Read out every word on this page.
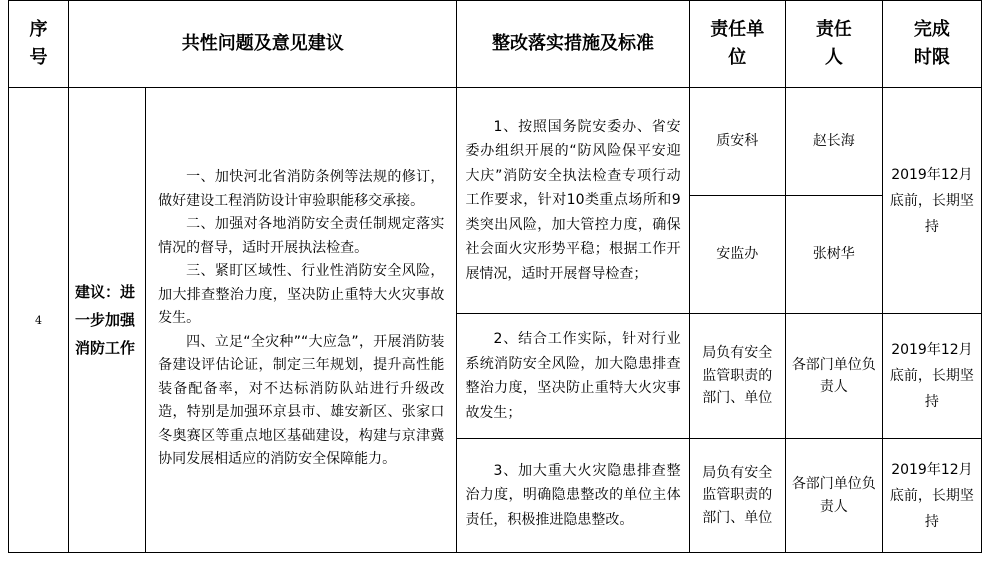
序号	共性问题及意见建议		整改落实措施及标准	责任单位	责任人	完成时限
4	建议：进一步加强消防工作	一、加快河北省消防条例等法规的修订，做好建设工程消防设计审验职能移交承接。

二、加强对各地消防安全责任制规定落实情况的督导，适时开展执法检查。

三、紧盯区域性、行业性消防安全风险，加大排查整治力度，坚决防止重特大火灾事故发生。

四、立足“全灾种”“大应急”，开展消防装备建设评估论证，制定三年规划，提升高性能装备配备率，对不达标消防队站进行升级改造，特别是加强环京县市、雄安新区、张家口冬奥赛区等重点地区基础建设，构建与京津冀协同发展相适应的消防安全保障能力。	1、按照国务院安委办、省安委办组织开展的“防风险保平安迎大庆”消防安全执法检查专项行动工作要求，针对10类重点场所和9类突出风险，加大管控力度，确保社会面火灾形势平稳；根据工作开展情况，适时开展督导检查；	质安科	赵长海	2019年12月底前，长期坚持
				安监办	张树华	

			2、结合工作实际，针对行业系统消防安全风险，加大隐患排查整治力度，坚决防止重特大火灾事故发生；	局负有安全监管职责的部门、单位	各部门单位负责人	2019年12月底前，长期坚持

			3、加大重大火灾隐患排查整治力度，明确隐患整改的单位主体责任，积极推进隐患整改。	局负有安全监管职责的部门、单位	各部门单位负责人	2019年12月底前，长期坚持
